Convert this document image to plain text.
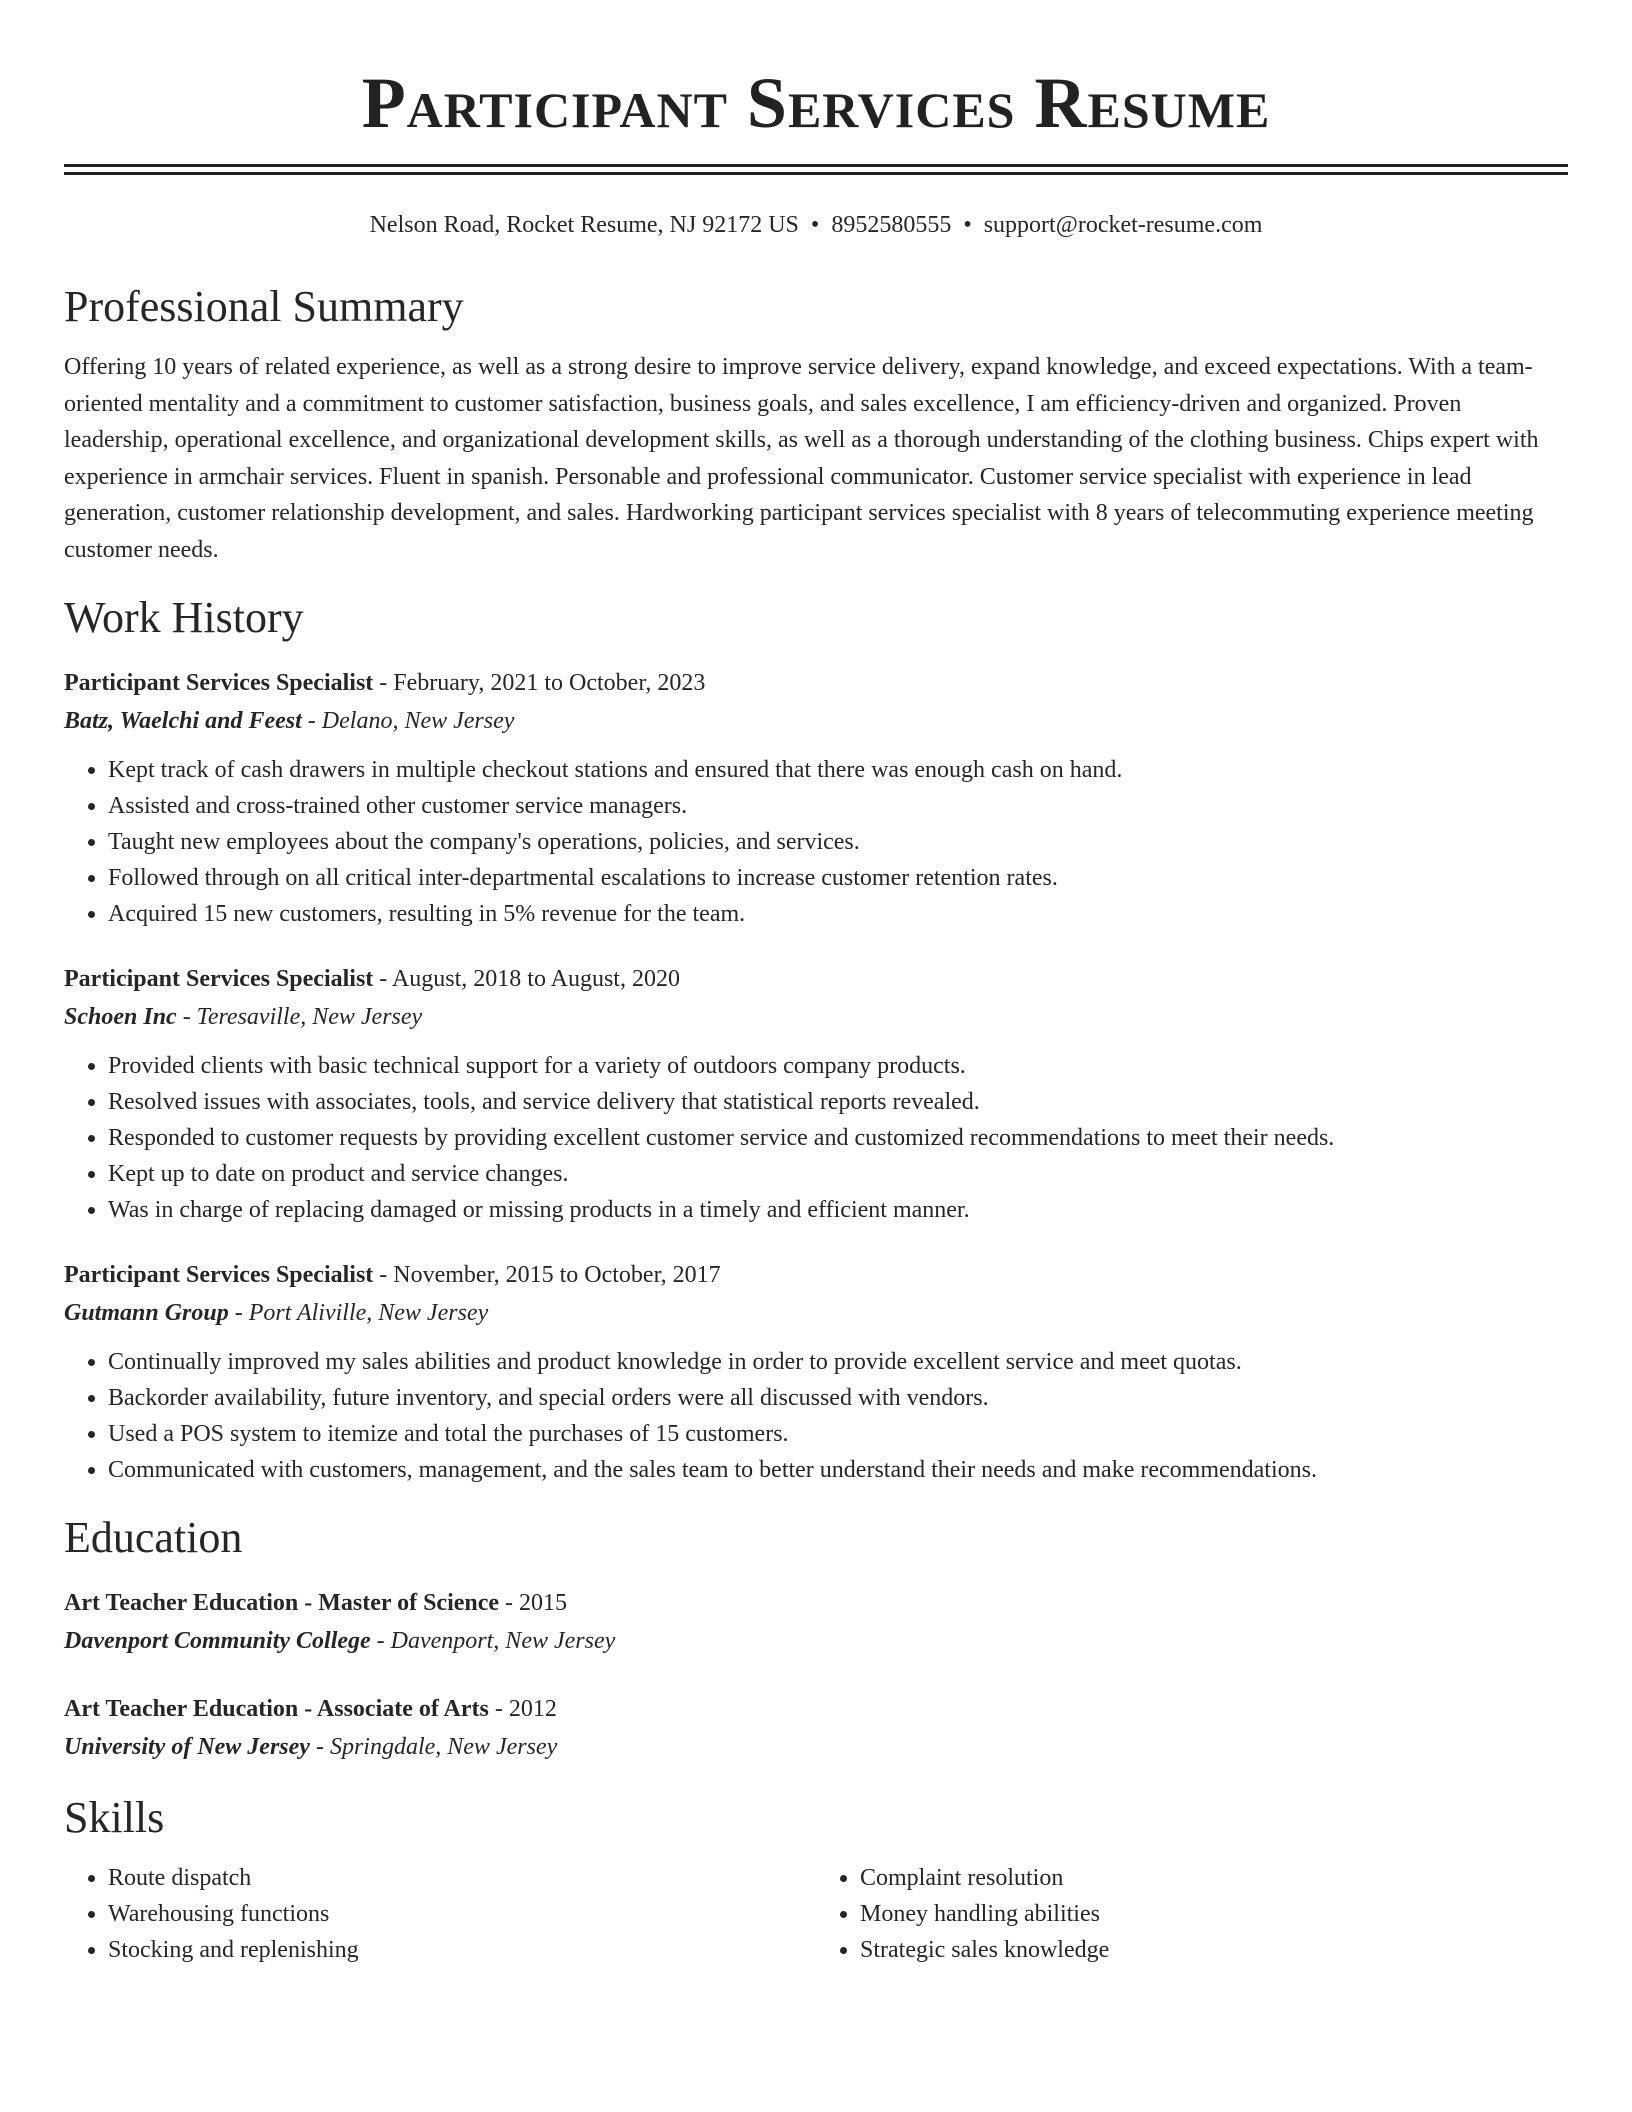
Participant Services Resume
Nelson Road, Rocket Resume, NJ 92172 US • 8952580555 • support@rocket-resume.com
Professional Summary
Offering 10 years of related experience, as well as a strong desire to improve service delivery, expand knowledge, and exceed expectations. With a team-oriented mentality and a commitment to customer satisfaction, business goals, and sales excellence, I am efficiency-driven and organized. Proven leadership, operational excellence, and organizational development skills, as well as a thorough understanding of the clothing business. Chips expert with experience in armchair services. Fluent in spanish. Personable and professional communicator. Customer service specialist with experience in lead generation, customer relationship development, and sales. Hardworking participant services specialist with 8 years of telecommuting experience meeting customer needs.
Work History
Participant Services Specialist - February, 2021 to October, 2023
Batz, Waelchi and Feest - Delano, New Jersey
• Kept track of cash drawers in multiple checkout stations and ensured that there was enough cash on hand.
• Assisted and cross-trained other customer service managers.
• Taught new employees about the company's operations, policies, and services.
• Followed through on all critical inter-departmental escalations to increase customer retention rates.
• Acquired 15 new customers, resulting in 5% revenue for the team.
Participant Services Specialist - August, 2018 to August, 2020
Schoen Inc - Teresaville, New Jersey
• Provided clients with basic technical support for a variety of outdoors company products.
• Resolved issues with associates, tools, and service delivery that statistical reports revealed.
• Responded to customer requests by providing excellent customer service and customized recommendations to meet their needs.
• Kept up to date on product and service changes.
• Was in charge of replacing damaged or missing products in a timely and efficient manner.
Participant Services Specialist - November, 2015 to October, 2017
Gutmann Group - Port Aliville, New Jersey
• Continually improved my sales abilities and product knowledge in order to provide excellent service and meet quotas.
• Backorder availability, future inventory, and special orders were all discussed with vendors.
• Used a POS system to itemize and total the purchases of 15 customers.
• Communicated with customers, management, and the sales team to better understand their needs and make recommendations.
Education
Art Teacher Education - Master of Science - 2015
Davenport Community College - Davenport, New Jersey
Art Teacher Education - Associate of Arts - 2012
University of New Jersey - Springdale, New Jersey
Skills
• Route dispatch
• Warehousing functions
• Stocking and replenishing
• Complaint resolution
• Money handling abilities
• Strategic sales knowledge
